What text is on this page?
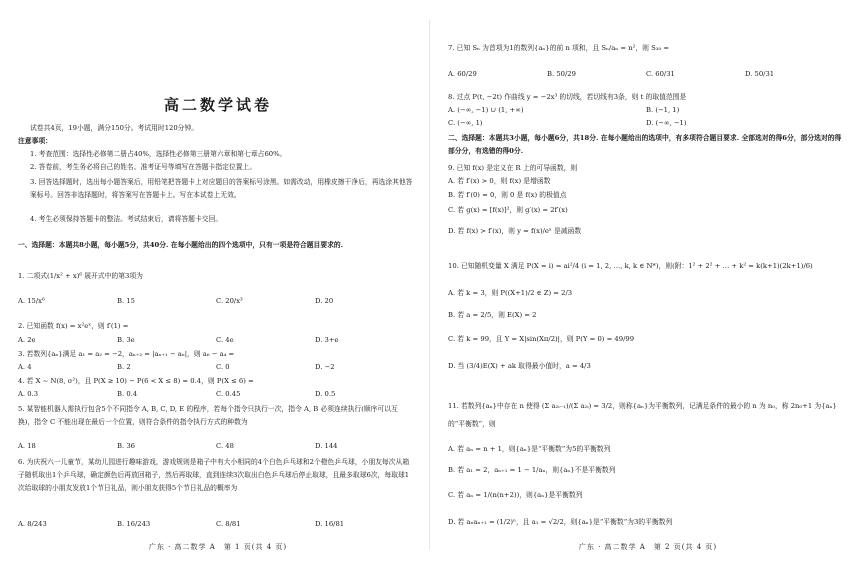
高二数学试卷
试卷共4页，19小题，满分150分。考试用时120分钟。
注意事项：
1. 考查范围：选择性必修第二册占40%，选择性必修第三册第六章和第七章占60%。
2. 答卷前，考生务必将自己的姓名、准考证号等填写在答题卡指定位置上。
3. 回答选择题时，选出每小题答案后，用铅笔把答题卡上对应题目的答案标号涂黑。如需改动，用橡皮擦干净后，再选涂其他答案标号。回答非选择题时，将答案写在答题卡上。写在本试卷上无效。
4. 考生必须保持答题卡的整洁。考试结束后，请将答题卡交回。
一、选择题：本题共8小题，每小题5分，共40分. 在每小题给出的四个选项中，只有一项是符合题目要求的.
1. 二项式(1/x² + x)⁶ 展开式中的第3项为
A. 15/x⁶	B. 15	C. 20/x³	D. 20
2. 已知函数 f(x) = x²eˣ，则 f′(1) =
A. 2e	B. 3e	C. 4e	D. 3+e
3. 若数列{aₙ}满足 a₁ = a₂ = −2，aₙ₊₂ = |aₙ₊₁ − aₙ|，则 a₆ − a₄ =
A. 4	B. 2	C. 0	D. −2
4. 若 X ~ N(8, σ²)，且 P(X ≥ 10) − P(6 < X ≤ 8) = 0.4，则 P(X ≤ 6) =
A. 0.3	B. 0.4	C. 0.45	D. 0.5
5. 某智能机器人需执行包含5个不同指令 A, B, C, D, E 的程序，若每个指令只执行一次，指令 A, B 必须连续执行(顺序可以互换)，指令 C 不能出现在最后一个位置，则符合条件的指令执行方式的种数为
A. 18	B. 36	C. 48	D. 144
6. 为庆祝六一儿童节，某幼儿园进行趣味游戏，游戏规则是箱子中有大小相同的4个白色乒乓球和2个橙色乒乓球，小朋友每次从箱子随机取出1个乒乓球，确定颜色后再放回箱子，然后再取球，直到连续3次取出白色乒乓球后停止取球，且最多取球6次，每取球1次给取球的小朋友发放1个节日礼品，则小朋友获得5个节日礼品的概率为
A. 8/243	B. 16/243	C. 8/81	D. 16/81
广东 · 高二数学 A　第 1 页(共 4 页)
7. 已知 Sₙ 为首项为1的数列{aₙ}的前 n 项和，且 Sₙ/aₙ = n²，则 S₃₀ =
A. 60/29	B. 50/29	C. 60/31	D. 50/31
8. 过点 P(t, −2t) 作曲线 y = −2x³ 的切线，若切线有3条，则 t 的取值范围是
A. (−∞, −1) ∪ (1, +∞)	B. (−1, 1)
C. (−∞, 1)	D. (−∞, −1)
二、选择题：本题共3小题，每小题6分，共18分. 在每小题给出的选项中，有多项符合题目要求. 全部选对的得6分，部分选对的得部分分，有选错的得0分.
9. 已知 f(x) 是定义在 R 上的可导函数，则
A. 若 f′(x) > 0，则 f(x) 是增函数
B. 若 f′(0) = 0，则 0 是 f(x) 的极值点
C. 若 g(x) = [f(x)]²，则 g′(x) = 2f′(x)
D. 若 f(x) > f′(x)，则 y = f(x)/eˣ 是减函数
10. 已知随机变量 X 满足 P(X = i) = ai²/4 (i = 1, 2, …, k, k ∈ N*)，则(附：1² + 2² + … + k² = k(k+1)(2k+1)/6)
A. 若 k = 3，则 P((X+1)/2 ∈ Z) = 2/3
B. 若 a = 2/5，则 E(X) = 2
C. 若 k = 99，且 Y = X|sin(Xπ/2)|，则 P(Y = 0) = 49/99
D. 当 (3/4)E(X) + ak 取得最小值时，a = 4/3
11. 若数列{aₙ}中存在 n 使得 (Σ a₂ᵢ₋₁)/(Σ a₂ᵢ) = 3/2，则称{aₙ}为平衡数列，记满足条件的最小的 n 为 n₀，称 2n₀+1 为{aₙ}的“平衡数”，则
A. 若 aₙ = n + 1，则{aₙ}是“平衡数”为5的平衡数列
B. 若 a₁ = 2，aₙ₊₁ = 1 − 1/aₙ，则{aₙ}不是平衡数列
C. 若 aₙ = 1/(n(n+2))，则{aₙ}是平衡数列
D. 若 aₙaₙ₊₁ = (1/2)ⁿ，且 a₁ = √2/2，则{aₙ}是“平衡数”为3的平衡数列
广东 · 高二数学 A　第 2 页(共 4 页)
